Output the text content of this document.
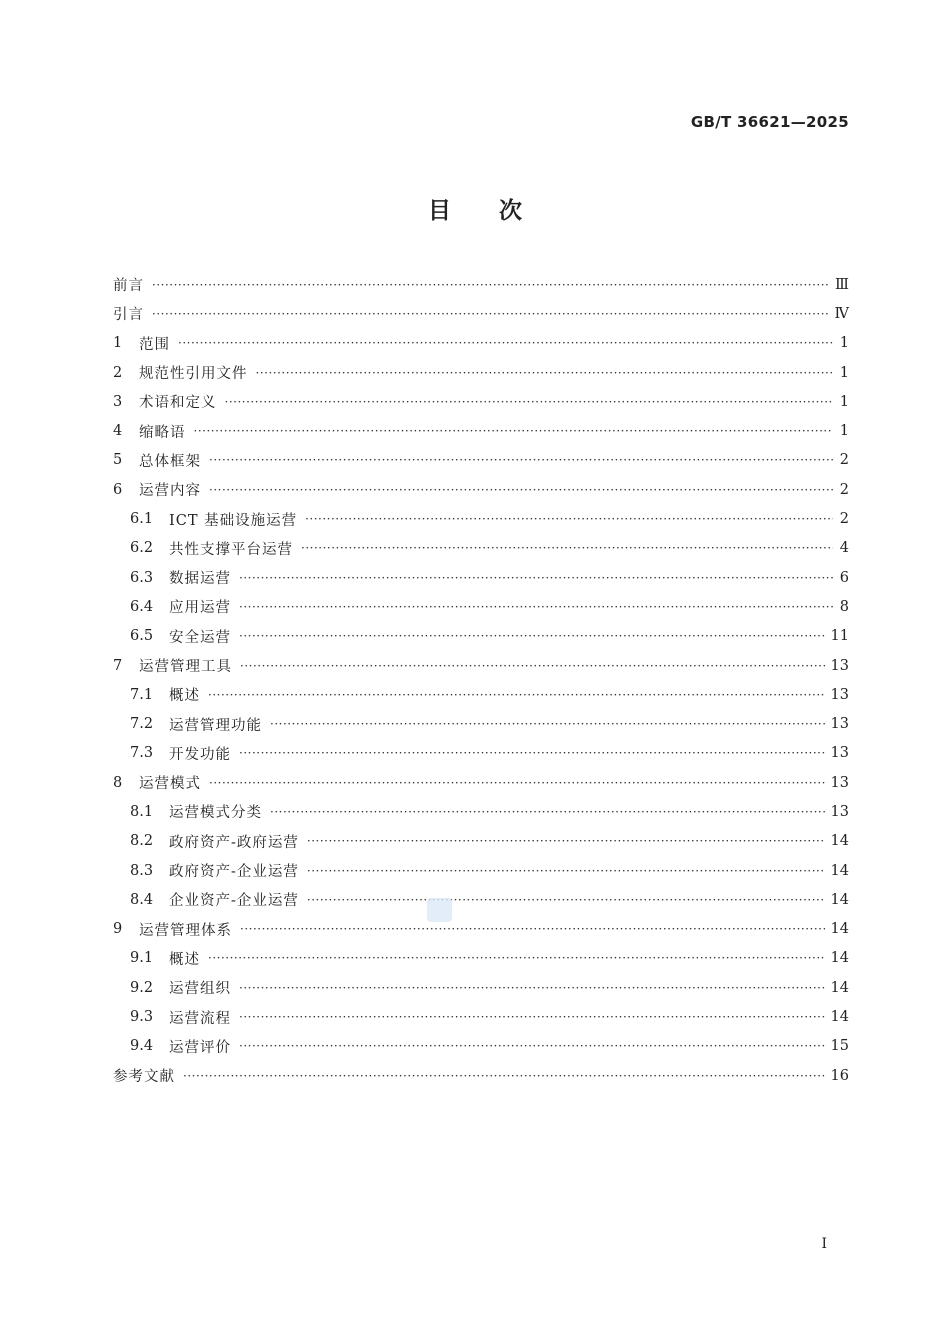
GB/T 36621—2025
目次
前言 ·····	Ⅲ
引言 ·····	Ⅳ
1	范围 ·····	1
2	规范性引用文件 ·····	1
3	术语和定义 ·····	1
4	缩略语 ·····	1
5	总体框架 ·····	2
6	运营内容 ·····	2
6.1	ICT 基础设施运营 ·····	2
6.2	共性支撑平台运营 ·····	4
6.3	数据运营 ·····	6
6.4	应用运营 ·····	8
6.5	安全运营 ·····	11
7	运营管理工具 ·····	13
7.1	概述 ·····	13
7.2	运营管理功能 ·····	13
7.3	开发功能 ·····	13
8	运营模式 ·····	13
8.1	运营模式分类 ·····	13
8.2	政府资产-政府运营 ·····	14
8.3	政府资产-企业运营 ·····	14
8.4	企业资产-企业运营 ·····	14
9	运营管理体系 ·····	14
9.1	概述 ·····	14
9.2	运营组织 ·····	14
9.3	运营流程 ·····	14
9.4	运营评价 ·····	15
参考文献 ·····	16
Ⅰ
